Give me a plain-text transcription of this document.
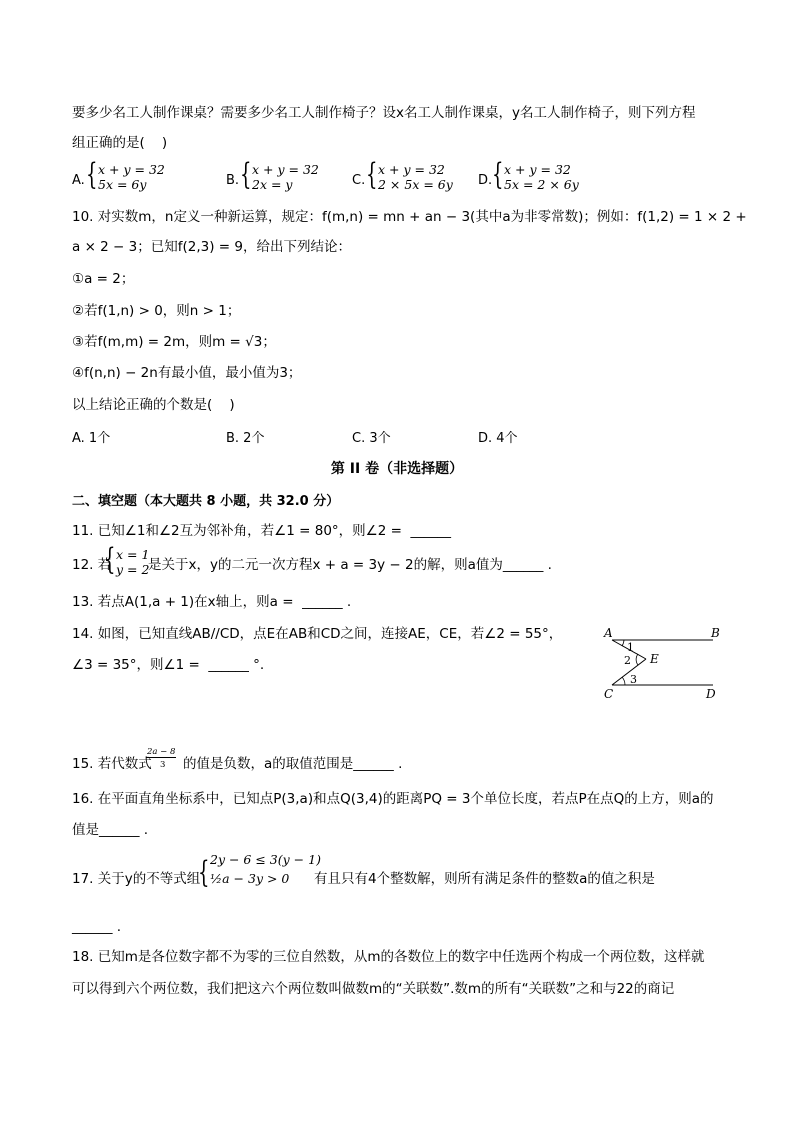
要多少名工人制作课桌？需要多少名工人制作椅子？设x名工人制作课桌，y名工人制作椅子，则下列方程
组正确的是(    )
A. { x + y = 32
5x = 6y	B. { x + y = 32
2x = y	C. { x + y = 32
2 × 5x = 6y D. { x + y = 32
5x = 2 × 6y
10. 对实数m，n定义一种新运算，规定：f(m,n) = mn + an − 3(其中a为非零常数)；例如：f(1,2) = 1 × 2 +
a × 2 − 3；已知f(2,3) = 9，给出下列结论：
①a = 2；
②若f(1,n) > 0，则n > 1；
③若f(m,m) = 2m，则m = √3；
④f(n,n) − 2n有最小值，最小值为3；
以上结论正确的个数是(    )
A. 1个	B. 2个	C. 3个	D. 4个
第 II 卷（非选择题）
二、填空题（本大题共 8 小题，共 32.0 分）
11. 已知∠1和∠2互为邻补角，若∠1 = 80°，则∠2 =  ______
12. 若
{ x = 1
y = 2
是关于x，y的二元一次方程x + a = 3y − 2的解，则a值为______ .
13. 若点A(1,a + 1)在x轴上，则a =  ______ .
14. 如图，已知直线AB//CD，点E在AB和CD之间，连接AE，CE，若∠2 = 55°，
∠3 = 35°，则∠1 =  ______ °.
A	B
C	D
E
1
2
3
15. 若代数式
2a − 8
3 的值是负数，a的取值范围是______ .
16. 在平面直角坐标系中，已知点P(3,a)和点Q(3,4)的距离PQ = 3个单位长度，若点P在点Q的上方，则a的
值是______ .
17. 关于y的不等式组
{ 2y − 6 ≤ 3(y − 1)
½a − 3y > 0 有且只有4个整数解，则所有满足条件的整数a的值之积是
______ .
18. 已知m是各位数字都不为零的三位自然数，从m的各数位上的数字中任选两个构成一个两位数，这样就
可以得到六个两位数，我们把这六个两位数叫做数m的“关联数”.数m的所有“关联数”之和与22的商记
